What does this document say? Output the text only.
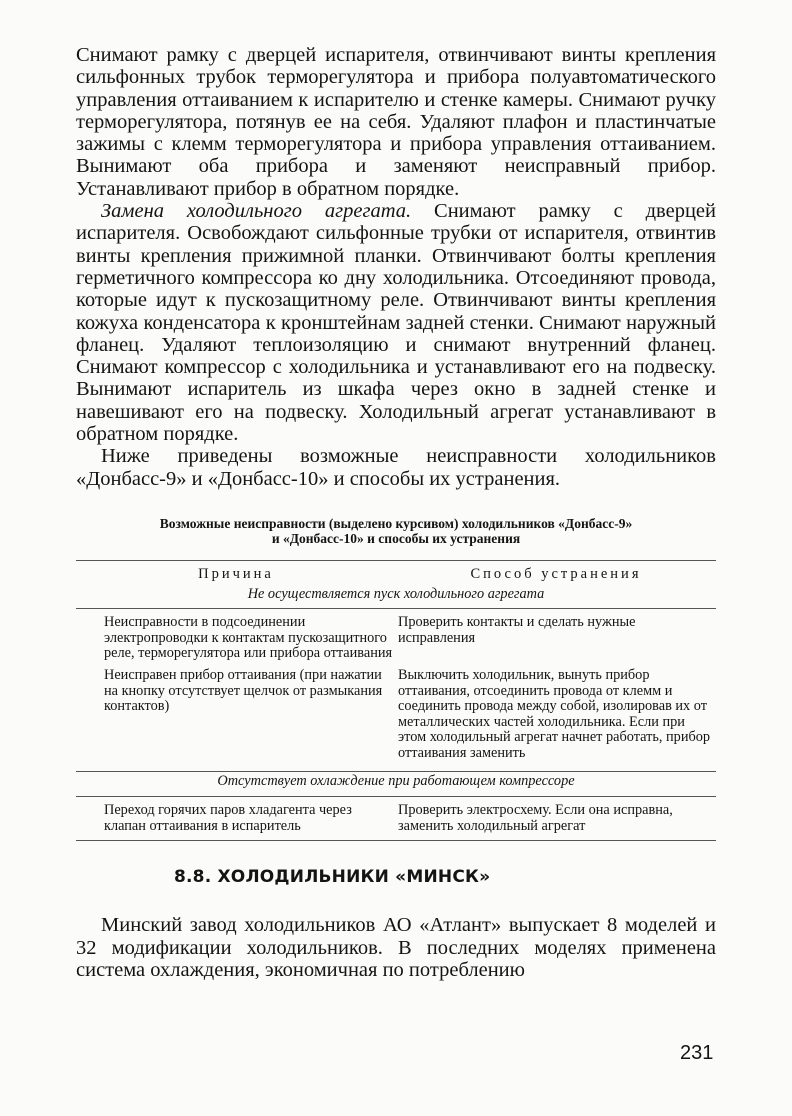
Снимают рамку с дверцей испарителя, отвинчивают винты крепления сильфонных трубок терморегулятора и прибора полуавтоматического управления оттаиванием к испарителю и стенке камеры. Снимают ручку терморегулятора, потянув ее на себя. Удаляют плафон и пластинчатые зажимы с клемм терморегулятора и прибора управления оттаиванием. Вынимают оба прибора и заменяют неисправный прибор. Устанавливают прибор в обратном порядке.

Замена холодильного агрегата. Снимают рамку с дверцей испарителя. Освобождают сильфонные трубки от испарителя, отвинтив винты крепления прижимной планки. Отвинчивают болты крепления герметичного компрессора ко дну холодильника. Отсоединяют провода, которые идут к пускозащитному реле. Отвинчивают винты крепления кожуха конденсатора к кронштейнам задней стенки. Снимают наружный фланец. Удаляют теплоизоляцию и снимают внутренний фланец. Снимают компрессор с холодильника и устанавливают его на подвеску. Вынимают испаритель из шкафа через окно в задней стенке и навешивают его на подвеску. Холодильный агрегат устанавливают в обратном порядке.

Ниже приведены возможные неисправности холодильников «Донбасс-9» и «Донбасс-10» и способы их устранения.

Возможные неисправности (выделено курсивом) холодильников «Донбасс-9»
и «Донбасс-10» и способы их устранения
Причина	Способ устранения
Не осуществляется пуск холодильного агрегата
Неисправности в подсоединении электропроводки к контактам пускозащитного реле, терморегулятора или прибора оттаивания
Проверить контакты и сделать нужные исправления
Неисправен прибор оттаивания (при нажатии на кнопку отсутствует щелчок от размыкания контактов)
Выключить холодильник, вынуть прибор оттаивания, отсоединить провода от клемм и соединить провода между собой, изолировав их от металлических частей холодильника. Если при этом холодильный агрегат начнет работать, прибор оттаивания заменить
Отсутствует охлаждение при работающем компрессоре
Переход горячих паров хладагента через клапан оттаивания в испаритель
Проверить электросхему. Если она исправна, заменить холодильный агрегат
8.8. ХОЛОДИЛЬНИКИ «МИНСК»

Минский завод холодильников АО «Атлант» выпускает 8 моделей и 32 модификации холодильников. В последних моделях применена система охлаждения, экономичная по потреблению

231
